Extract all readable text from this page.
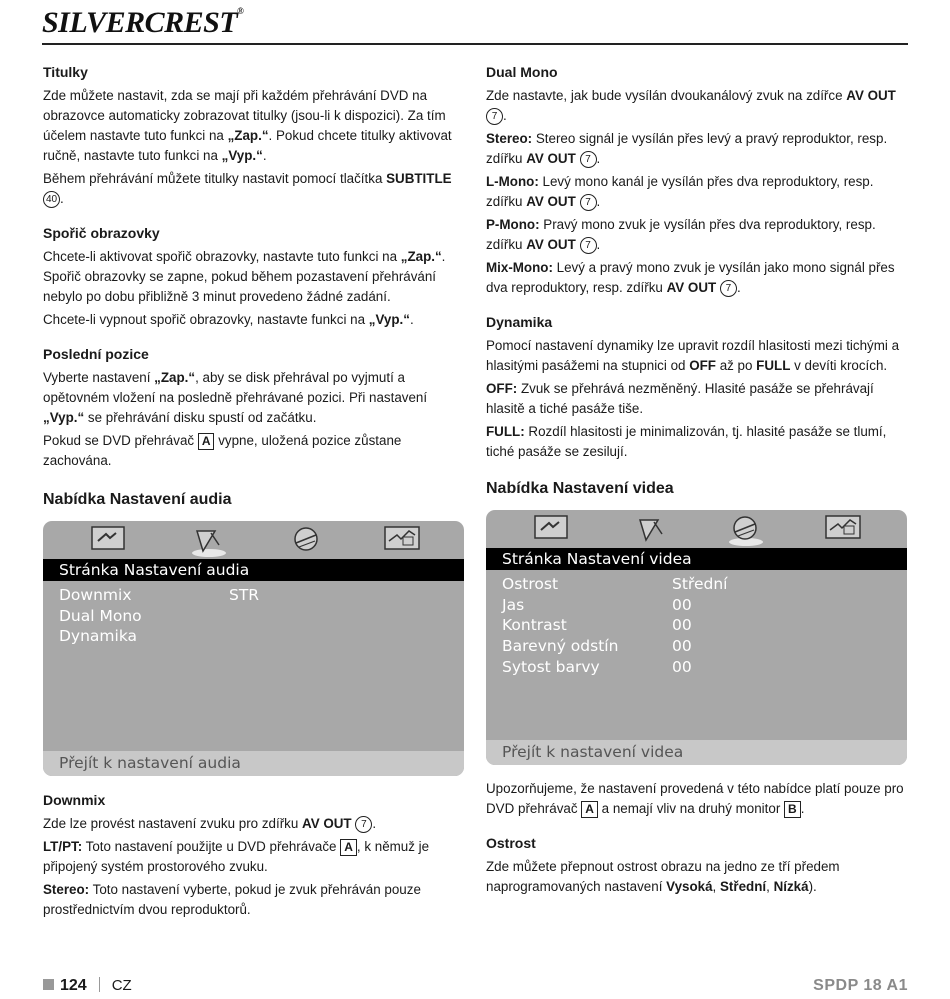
SILVERCREST®
Titulky

Zde můžete nastavit, zda se mají při každém přehrávání DVD na obrazovce automaticky zobrazovat titulky (jsou-li k dispozici). Za tím účelem nastavte tuto funkci na „Zap.“. Pokud chcete titulky aktivovat ručně, nastavte tuto funkci na „Vyp.“.

Během přehrávání můžete titulky nastavit pomocí tlačítka SUBTITLE 40 .

Spořič obrazovky

Chcete-li aktivovat spořič obrazovky, nastavte tuto funkci na „Zap.“. Spořič obrazovky se zapne, pokud během pozastavení přehrávání nebylo po dobu přibližně 3 minut provedeno žádné zadání.

Chcete-li vypnout spořič obrazovky, nastavte funkci na „Vyp.“.

Poslední pozice

Vyberte nastavení „Zap.“, aby se disk přehrával po vyjmutí a opětovném vložení na posledně přehrávané pozici. Při nastavení „Vyp.“ se přehrávání disku spustí od začátku.

Pokud se DVD přehrávač A vypne, uložená pozice zůstane zachována.

Nabídka Nastavení audia
Stránka Nastavení audia
Downmix	STR
Dual Mono
Dynamika
Přejít k nastavení audia
Downmix

Zde lze provést nastavení zvuku pro zdířku AV OUT 7 .

LT/PT: Toto nastavení použijte u DVD přehrávače A , k němuž je připojený systém prostorového zvuku.

Stereo: Toto nastavení vyberte, pokud je zvuk přehráván pouze prostřednictvím dvou reproduktorů.

Dual Mono

Zde nastavte, jak bude vysílán dvoukanálový zvuk na zdířce AV OUT 7 .

Stereo: Stereo signál je vysílán přes levý a pravý reproduktor, resp. zdířku AV OUT 7 .

L-Mono: Levý mono kanál je vysílán přes dva reproduktory, resp. zdířku AV OUT 7 .

P-Mono: Pravý mono zvuk je vysílán přes dva reproduktory, resp. zdířku AV OUT 7 .

Mix-Mono: Levý a pravý mono zvuk je vysílán jako mono signál přes dva reproduktory, resp. zdířku AV OUT 7 .

Dynamika

Pomocí nastavení dynamiky lze upravit rozdíl hlasitosti mezi tichými a hlasitými pasážemi na stupnici od OFF až po FULL v devíti krocích.

OFF: Zvuk se přehrává nezměněný. Hlasité pasáže se přehrávají hlasitě a tiché pasáže tiše.

FULL: Rozdíl hlasitosti je minimalizován, tj. hlasité pasáže se tlumí, tiché pasáže se zesilují.

Nabídka Nastavení videa
Stránka Nastavení videa
Ostrost	Střední
Jas	00
Kontrast	00
Barevný odstín	00
Sytost barvy	00
Přejít k nastavení videa

Upozorňujeme, že nastavení provedená v této nabídce platí pouze pro DVD přehrávač A a nemají vliv na druhý monitor B .

Ostrost

Zde můžete přepnout ostrost obrazu na jedno ze tří předem naprogramovaných nastavení Vysoká, Střední, Nízká).

124 CZ	SPDP 18 A1
